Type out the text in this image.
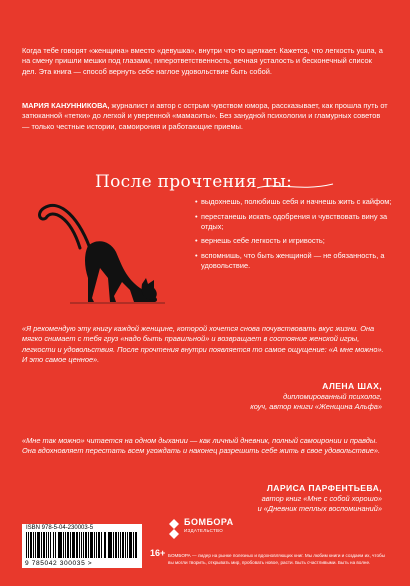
Когда тебе говорят «женщина» вместо «девушка», внутри что-то щелкает. Кажется, что легкость ушла, а на смену пришли мешки под глазами, гиперответственность, вечная усталость и бесконечный список дел. Эта книга — способ вернуть себе наглое удовольствие быть собой.

МАРИЯ КАНУННИКОВА, журналист и автор с острым чувством юмора, рассказывает, как прошла путь от затюканной «тетки» до легкой и уверенной «мамаситы». Без занудной психологии и гламурных советов — только честные истории, самоирония и работающие приемы.

После прочтения ты:
• выдохнешь, полюбишь себя и начнешь жить с кайфом;
• перестанешь искать одобрения и чувствовать вину за отдых;
• вернешь себе легкость и игривость;
• вспомнишь, что быть женщиной — не обязанность, а удовольствие.

«Я рекомендую эту книгу каждой женщине, которой хочется снова почувствовать вкус жизни. Она мягко снимает с тебя груз «надо быть правильной» и возвращает в состояние женской игры, легкости и удовольствия. После прочтения внутри появляется то самое ощущение: «А мне можно». И это самое ценное».

АЛЕНА ШАХ,
дипломированный психолог,
коуч, автор книги «Женщина Альфа»

«Мне так можно» читается на одном дыхании — как личный дневник, полный самоиронии и правды. Она вдохновляет перестать всем угождать и наконец разрешить себе жить в свое удовольствие».

ЛАРИСА ПАРФЕНТЬЕВА,
автор книг «Мне с собой хорошо»
и «Дневник теплых воспоминаний»
ISBN 978-5-04-230003-5
9 785042 300035 >
16+
БОМБОРА
ИЗДАТЕЛЬСТВО

БОМБОРА — лидер на рынке полезных и вдохновляющих книг. Мы любим книги и создаем их, чтобы вы могли творить, открывать мир, пробовать новое, расти. Быть счастливыми. Быть на волне.
